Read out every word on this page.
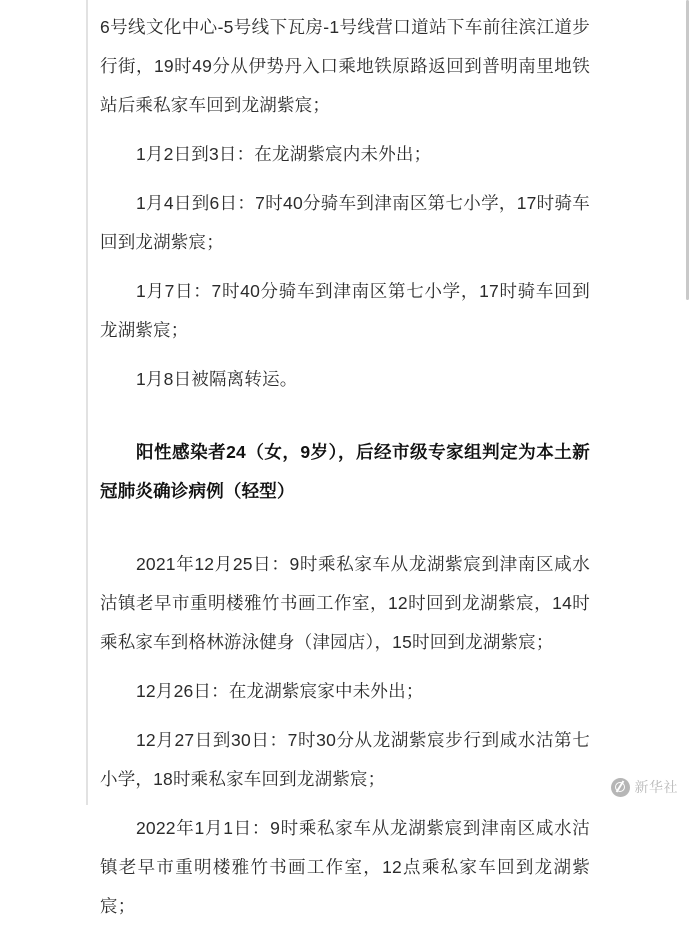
6号线文化中心-5号线下瓦房-1号线营口道站下车前往滨江道步行街，19时49分从伊势丹入口乘地铁原路返回到普明南里地铁站后乘私家车回到龙湖紫宸；

1月2日到3日：在龙湖紫宸内未外出；

1月4日到6日：7时40分骑车到津南区第七小学，17时骑车回到龙湖紫宸；

1月7日：7时40分骑车到津南区第七小学，17时骑车回到龙湖紫宸；

1月8日被隔离转运。

阳性感染者24（女，9岁），后经市级专家组判定为本土新冠肺炎确诊病例（轻型）

2021年12月25日：9时乘私家车从龙湖紫宸到津南区咸水沽镇老早市重明楼雅竹书画工作室，12时回到龙湖紫宸，14时乘私家车到格林游泳健身（津园店），15时回到龙湖紫宸；

12月26日：在龙湖紫宸家中未外出；

12月27日到30日：7时30分从龙湖紫宸步行到咸水沽第七小学，18时乘私家车回到龙湖紫宸；

2022年1月1日：9时乘私家车从龙湖紫宸到津南区咸水沽镇老早市重明楼雅竹书画工作室，12点乘私家车回到龙湖紫宸；

新华社
